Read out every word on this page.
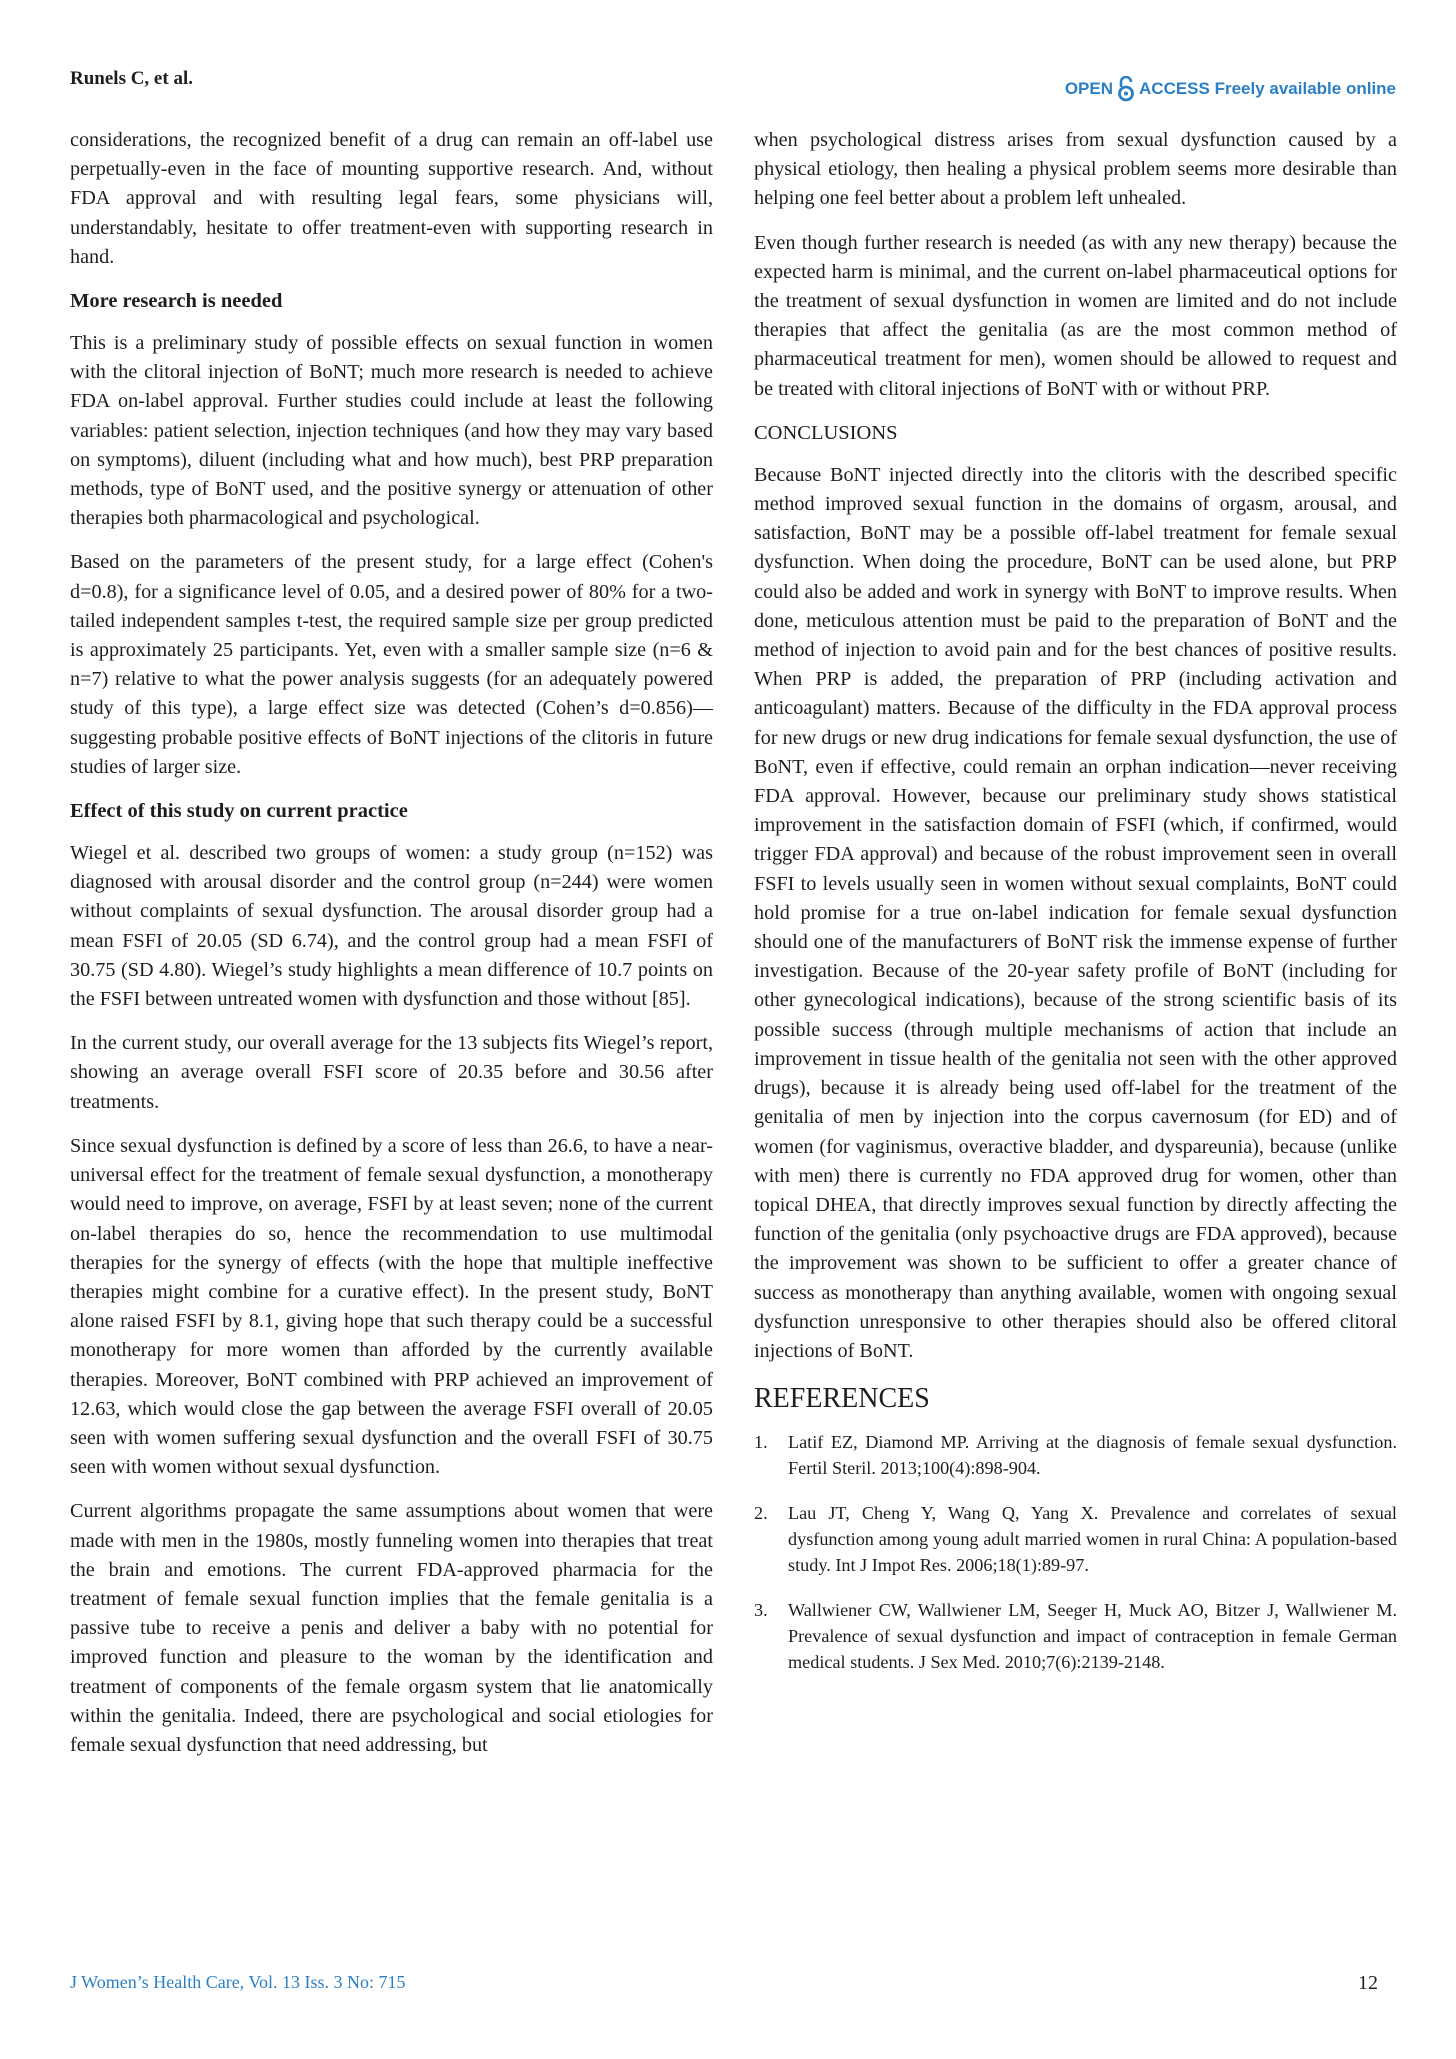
Runels C, et al.	OPEN ACCESS Freely available online

considerations, the recognized benefit of a drug can remain an off-label use perpetually-even in the face of mounting supportive research. And, without FDA approval and with resulting legal fears, some physicians will, understandably, hesitate to offer treatment-even with supporting research in hand.

More research is needed

This is a preliminary study of possible effects on sexual function in women with the clitoral injection of BoNT; much more research is needed to achieve FDA on-label approval. Further studies could include at least the following variables: patient selection, injection techniques (and how they may vary based on symptoms), diluent (including what and how much), best PRP preparation methods, type of BoNT used, and the positive synergy or attenuation of other therapies both pharmacological and psychological.

Based on the parameters of the present study, for a large effect (Cohen's d=0.8), for a significance level of 0.05, and a desired power of 80% for a two-tailed independent samples t-test, the required sample size per group predicted is approximately 25 participants. Yet, even with a smaller sample size (n=6 & n=7) relative to what the power analysis suggests (for an adequately powered study of this type), a large effect size was detected (Cohen’s d=0.856)—suggesting probable positive effects of BoNT injections of the clitoris in future studies of larger size.

Effect of this study on current practice

Wiegel et al. described two groups of women: a study group (n=152) was diagnosed with arousal disorder and the control group (n=244) were women without complaints of sexual dysfunction. The arousal disorder group had a mean FSFI of 20.05 (SD 6.74), and the control group had a mean FSFI of 30.75 (SD 4.80). Wiegel’s study highlights a mean difference of 10.7 points on the FSFI between untreated women with dysfunction and those without [85].

In the current study, our overall average for the 13 subjects fits Wiegel’s report, showing an average overall FSFI score of 20.35 before and 30.56 after treatments.

Since sexual dysfunction is defined by a score of less than 26.6, to have a near-universal effect for the treatment of female sexual dysfunction, a monotherapy would need to improve, on average, FSFI by at least seven; none of the current on-label therapies do so, hence the recommendation to use multimodal therapies for the synergy of effects (with the hope that multiple ineffective therapies might combine for a curative effect). In the present study, BoNT alone raised FSFI by 8.1, giving hope that such therapy could be a successful monotherapy for more women than afforded by the currently available therapies. Moreover, BoNT combined with PRP achieved an improvement of 12.63, which would close the gap between the average FSFI overall of 20.05 seen with women suffering sexual dysfunction and the overall FSFI of 30.75 seen with women without sexual dysfunction.

Current algorithms propagate the same assumptions about women that were made with men in the 1980s, mostly funneling women into therapies that treat the brain and emotions. The current FDA-approved pharmacia for the treatment of female sexual function implies that the female genitalia is a passive tube to receive a penis and deliver a baby with no potential for improved function and pleasure to the woman by the identification and treatment of components of the female orgasm system that lie anatomically within the genitalia. Indeed, there are psychological and social etiologies for female sexual dysfunction that need addressing, but

when psychological distress arises from sexual dysfunction caused by a physical etiology, then healing a physical problem seems more desirable than helping one feel better about a problem left unhealed.

Even though further research is needed (as with any new therapy) because the expected harm is minimal, and the current on-label pharmaceutical options for the treatment of sexual dysfunction in women are limited and do not include therapies that affect the genitalia (as are the most common method of pharmaceutical treatment for men), women should be allowed to request and be treated with clitoral injections of BoNT with or without PRP.

CONCLUSIONS

Because BoNT injected directly into the clitoris with the described specific method improved sexual function in the domains of orgasm, arousal, and satisfaction, BoNT may be a possible off-label treatment for female sexual dysfunction. When doing the procedure, BoNT can be used alone, but PRP could also be added and work in synergy with BoNT to improve results. When done, meticulous attention must be paid to the preparation of BoNT and the method of injection to avoid pain and for the best chances of positive results. When PRP is added, the preparation of PRP (including activation and anticoagulant) matters. Because of the difficulty in the FDA approval process for new drugs or new drug indications for female sexual dysfunction, the use of BoNT, even if effective, could remain an orphan indication—never receiving FDA approval. However, because our preliminary study shows statistical improvement in the satisfaction domain of FSFI (which, if confirmed, would trigger FDA approval) and because of the robust improvement seen in overall FSFI to levels usually seen in women without sexual complaints, BoNT could hold promise for a true on-label indication for female sexual dysfunction should one of the manufacturers of BoNT risk the immense expense of further investigation. Because of the 20-year safety profile of BoNT (including for other gynecological indications), because of the strong scientific basis of its possible success (through multiple mechanisms of action that include an improvement in tissue health of the genitalia not seen with the other approved drugs), because it is already being used off-label for the treatment of the genitalia of men by injection into the corpus cavernosum (for ED) and of women (for vaginismus, overactive bladder, and dyspareunia), because (unlike with men) there is currently no FDA approved drug for women, other than topical DHEA, that directly improves sexual function by directly affecting the function of the genitalia (only psychoactive drugs are FDA approved), because the improvement was shown to be sufficient to offer a greater chance of success as monotherapy than anything available, women with ongoing sexual dysfunction unresponsive to other therapies should also be offered clitoral injections of BoNT.

REFERENCES
1.	Latif EZ, Diamond MP. Arriving at the diagnosis of female sexual dysfunction. Fertil Steril. 2013;100(4):898-904.
2.	Lau JT, Cheng Y, Wang Q, Yang X. Prevalence and correlates of sexual dysfunction among young adult married women in rural China: A population-based study. Int J Impot Res. 2006;18(1):89-97.
3.	Wallwiener CW, Wallwiener LM, Seeger H, Muck AO, Bitzer J, Wallwiener M. Prevalence of sexual dysfunction and impact of contraception in female German medical students. J Sex Med. 2010;7(6):2139-2148.
J Women’s Health Care, Vol. 13 Iss. 3 No: 715	12
